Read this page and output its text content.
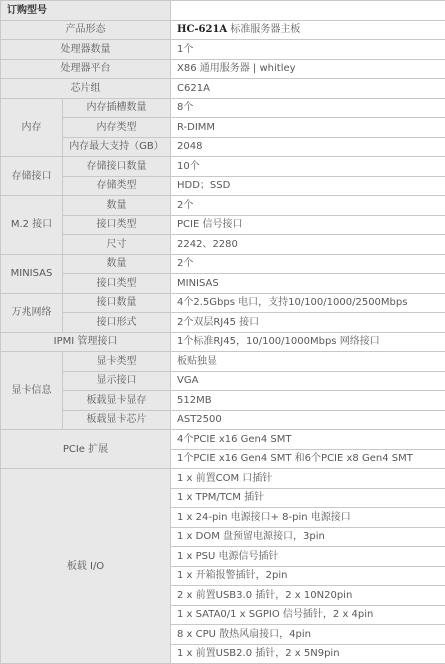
订购型号		
产品形态		HC-621A 标准服务器主板
处理器数量		1个
处理器平台		X86 通用服务器 | whitley
芯片组		C621A
内存	内存插槽数量	8个
	内存类型	R-DIMM
	内存最大支持（GB）	2048
存储接口	存储接口数量	10个
	存储类型	HDD；SSD
M.2 接口	数量	2个
	接口类型	PCIE 信号接口
	尺寸	2242、2280
MINISAS	数量	2个
	接口类型	MINISAS
万兆网络	接口数量	4个2.5Gbps 电口，支持10/100/1000/2500Mbps
	接口形式	2个双层RJ45 接口
IPMI 管理接口		1个标准RJ45，10/100/1000Mbps 网络接口
显卡信息	显卡类型	板贴独显
	显示接口	VGA
	板载显卡显存	512MB
	板载显卡芯片	AST2500
PCIe 扩展		4个PCIE x16 Gen4 SMT
		1个PCIE x16 Gen4 SMT 和6个PCIE x8 Gen4 SMT
板载 I/O		1 x 前置COM 口插针
		1 x TPM/TCM 插针
		1 x 24-pin 电源接口+ 8-pin 电源接口
		1 x DOM 盘预留电源接口，3pin
		1 x PSU 电源信号插针
		1 x 开箱报警插针，2pin
		2 x 前置USB3.0 插针，2 x 10N20pin
		1 x SATA0/1 x SGPIO 信号插针，2 x 4pin
		8 x CPU 散热风扇接口，4pin
		1 x 前置USB2.0 插针，2 x 5N9pin
